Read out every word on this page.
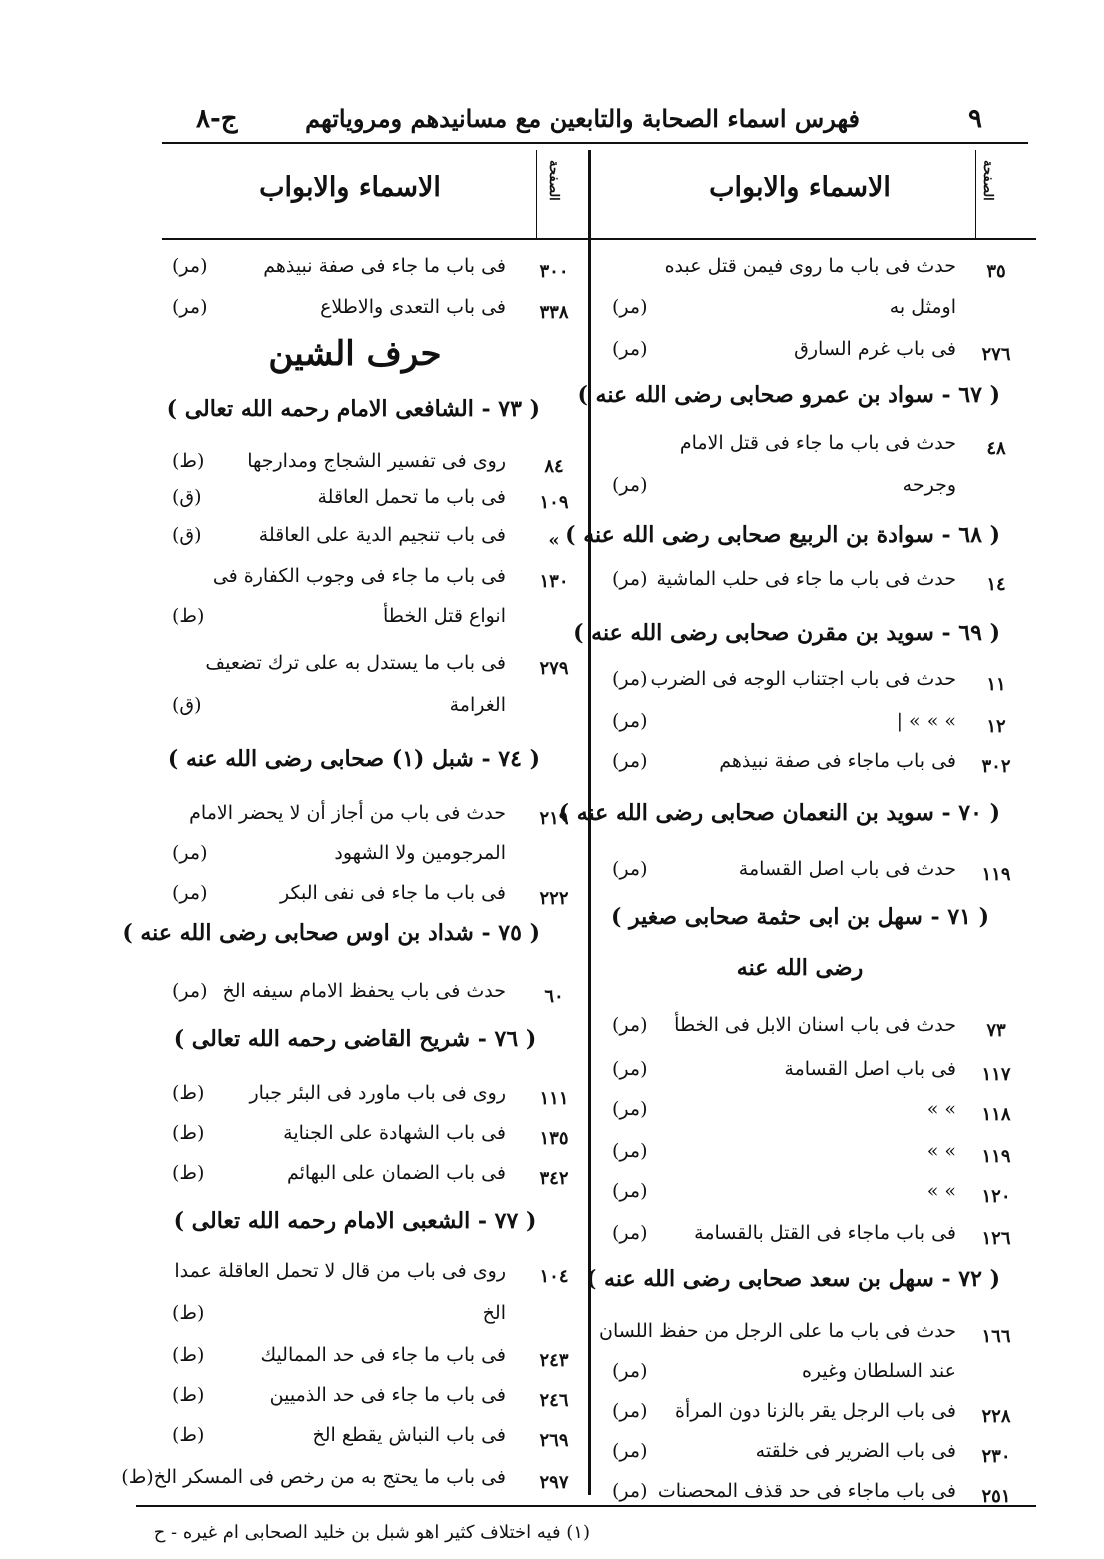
٩
فهرس اسماء الصحابة والتابعين مع مسانيدهم ومروياتهم
ج-٨
الاسماء والابواب	الصفحة
الاسماء والابواب	الصفحة
٣٥
حدث فى باب ما روى فيمن قتل عبده
اومثل به
(مر)
٢٧٦
فى باب غرم السارق
(مر)
( ٦٧ - سواد بن عمرو صحابى رضى الله عنه )
٤٨
حدث فى باب ما جاء فى قتل الامام
وجرحه
(مر)
( ٦٨ - سوادة بن الربيع صحابى رضى الله عنه )
١٤
حدث فى باب ما جاء فى حلب الماشية
(مر)
( ٦٩ - سويد بن مقرن صحابى رضى الله عنه )
١١
حدث فى باب اجتناب الوجه فى الضرب
(مر)
١٢
» » » |
(مر)
٣٠٢
فى باب ماجاء فى صفة نبيذهم
(مر)
( ٧٠ - سويد بن النعمان صحابى رضى الله عنه )
١١٩
حدث فى باب اصل القسامة
(مر)
( ٧١ - سهل بن ابى حثمة صحابى صغير )
رضى الله عنه
٧٣
حدث فى باب اسنان الابل فى الخطأ
(مر)
١١٧
فى باب اصل القسامة
(مر)
١١٨
» »
(مر)
١١٩
» »
(مر)
١٢٠
» »
(مر)
١٢٦
فى باب ماجاء فى القتل بالقسامة
(مر)
( ٧٢ - سهل بن سعد صحابى رضى الله عنه )
١٦٦
حدث فى باب ما على الرجل من حفظ اللسان
عند السلطان وغيره
(مر)
٢٢٨
فى باب الرجل يقر بالزنا دون المرأة
(مر)
٢٣٠
فى باب الضرير فى خلقته
(مر)
٢٥١
فى باب ماجاء فى حد قذف المحصنات
(مر)
٣٠٠
فى باب ما جاء فى صفة نبيذهم
(مر)
٣٣٨
فى باب التعدى والاطلاع
(مر)
حرف الشين
( ٧٣ - الشافعى الامام رحمه الله تعالى )
٨٤
روى فى تفسير الشجاج ومدارجها
(ط)
١٠٩
فى باب ما تحمل العاقلة
(ق)
»
فى باب تنجيم الدية على العاقلة
(ق)
١٣٠
فى باب ما جاء فى وجوب الكفارة فى
انواع قتل الخطأ
(ط)
٢٧٩
فى باب ما يستدل به على ترك تضعيف
الغرامة
(ق)
( ٧٤ - شبل (١) صحابى رضى الله عنه )
٢١٩
حدث فى باب من أجاز أن لا يحضر الامام
المرجومين ولا الشهود
(مر)
٢٢٢
فى باب ما جاء فى نفى البكر
(مر)
( ٧٥ - شداد بن اوس صحابى رضى الله عنه )
٦٠
حدث فى باب يحفظ الامام سيفه الخ
(مر)
( ٧٦ - شريح القاضى رحمه الله تعالى )
١١١
روى فى باب ماورد فى البئر جبار
(ط)
١٣٥
فى باب الشهادة على الجناية
(ط)
٣٤٢
فى باب الضمان على البهائم
(ط)
( ٧٧ - الشعبى الامام رحمه الله تعالى )
١٠٤
روى فى باب من قال لا تحمل العاقلة عمدا
الخ
(ط)
٢٤٣
فى باب ما جاء فى حد المماليك
(ط)
٢٤٦
فى باب ما جاء فى حد الذميين
(ط)
٢٦٩
فى باب النباش يقطع الخ
(ط)
٢٩٧
فى باب ما يحتج به من رخص فى المسكر الخ(ط)
(١) فيه اختلاف كثير اهو شبل بن خليد الصحابى ام غيره - ح
